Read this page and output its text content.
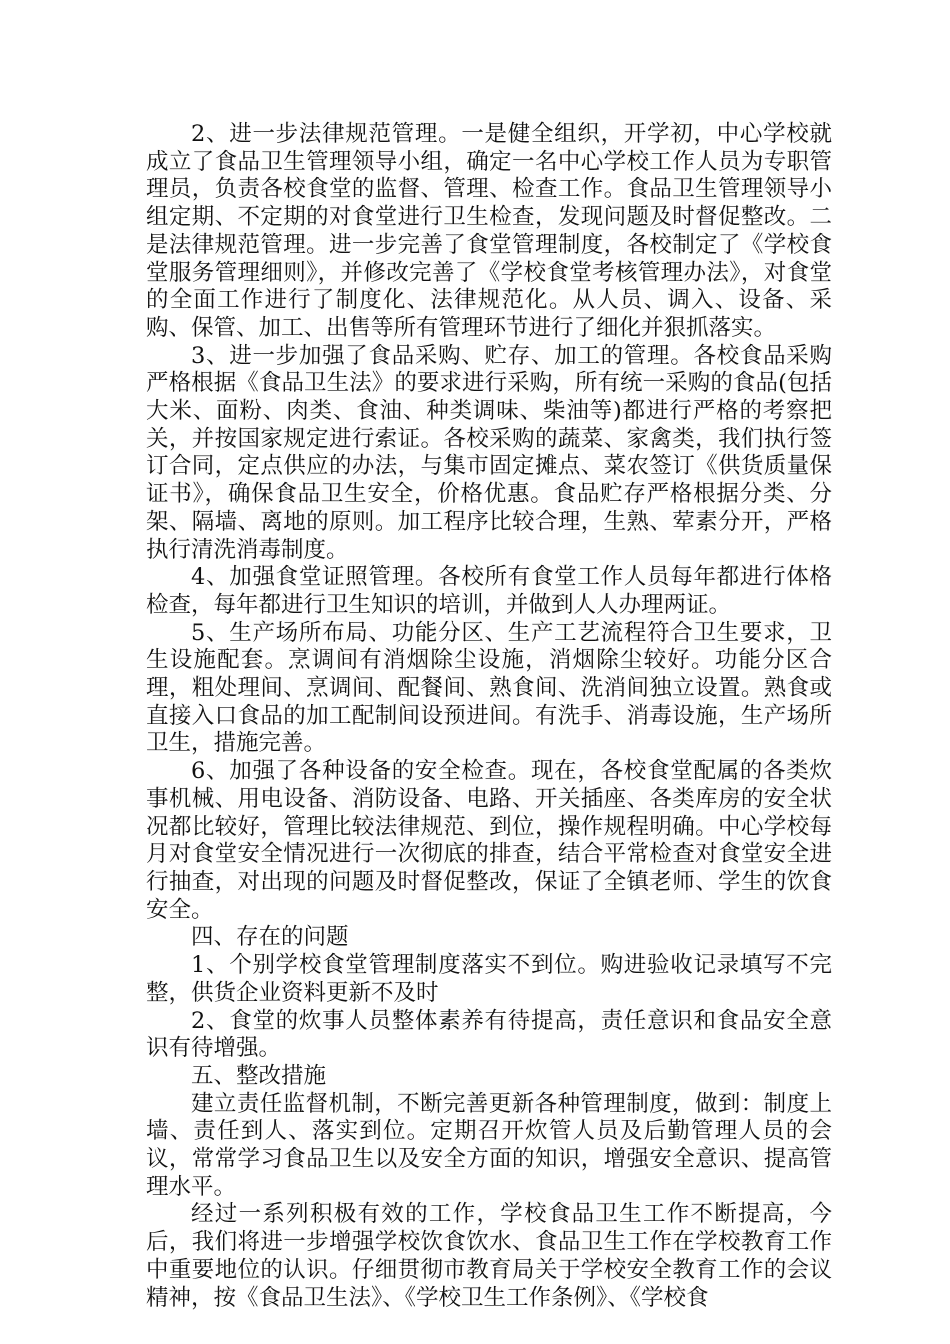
2、进一步法律规范管理。一是健全组织，开学初，中心学校就成立了食品卫生管理领导小组，确定一名中心学校工作人员为专职管理员，负责各校食堂的监督、管理、检查工作。食品卫生管理领导小组定期、不定期的对食堂进行卫生检查，发现问题及时督促整改。二是法律规范管理。进一步完善了食堂管理制度，各校制定了《学校食堂服务管理细则》，并修改完善了《学校食堂考核管理办法》，对食堂的全面工作进行了制度化、法律规范化。从人员、调入、设备、采购、保管、加工、出售等所有管理环节进行了细化并狠抓落实。

3、进一步加强了食品采购、贮存、加工的管理。各校食品采购严格根据《食品卫生法》的要求进行采购，所有统一采购的食品(包括大米、面粉、肉类、食油、种类调味、柴油等)都进行严格的考察把关，并按国家规定进行索证。各校采购的蔬菜、家禽类，我们执行签订合同，定点供应的办法，与集市固定摊点、菜农签订《供货质量保证书》，确保食品卫生安全，价格优惠。食品贮存严格根据分类、分架、隔墙、离地的原则。加工程序比较合理，生熟、荤素分开，严格执行清洗消毒制度。

4、加强食堂证照管理。各校所有食堂工作人员每年都进行体格检查，每年都进行卫生知识的培训，并做到人人办理两证。

5、生产场所布局、功能分区、生产工艺流程符合卫生要求，卫生设施配套。烹调间有消烟除尘设施，消烟除尘较好。功能分区合理，粗处理间、烹调间、配餐间、熟食间、洗消间独立设置。熟食或直接入口食品的加工配制间设预进间。有洗手、消毒设施，生产场所卫生，措施完善。

6、加强了各种设备的安全检查。现在，各校食堂配属的各类炊事机械、用电设备、消防设备、电路、开关插座、各类库房的安全状况都比较好，管理比较法律规范、到位，操作规程明确。中心学校每月对食堂安全情况进行一次彻底的排查，结合平常检查对食堂安全进行抽查，对出现的问题及时督促整改，保证了全镇老师、学生的饮食安全。

四、存在的问题

1、个别学校食堂管理制度落实不到位。购进验收记录填写不完整，供货企业资料更新不及时

2、食堂的炊事人员整体素养有待提高，责任意识和食品安全意识有待增强。

五、整改措施

建立责任监督机制，不断完善更新各种管理制度，做到：制度上墙、责任到人、落实到位。定期召开炊管人员及后勤管理人员的会议，常常学习食品卫生以及安全方面的知识，增强安全意识、提高管理水平。

经过一系列积极有效的工作，学校食品卫生工作不断提高，今后，我们将进一步增强学校饮食饮水、食品卫生工作在学校教育工作中重要地位的认识。仔细贯彻市教育局关于学校安全教育工作的会议精神，按《食品卫生法》、《学校卫生工作条例》、《学校食
